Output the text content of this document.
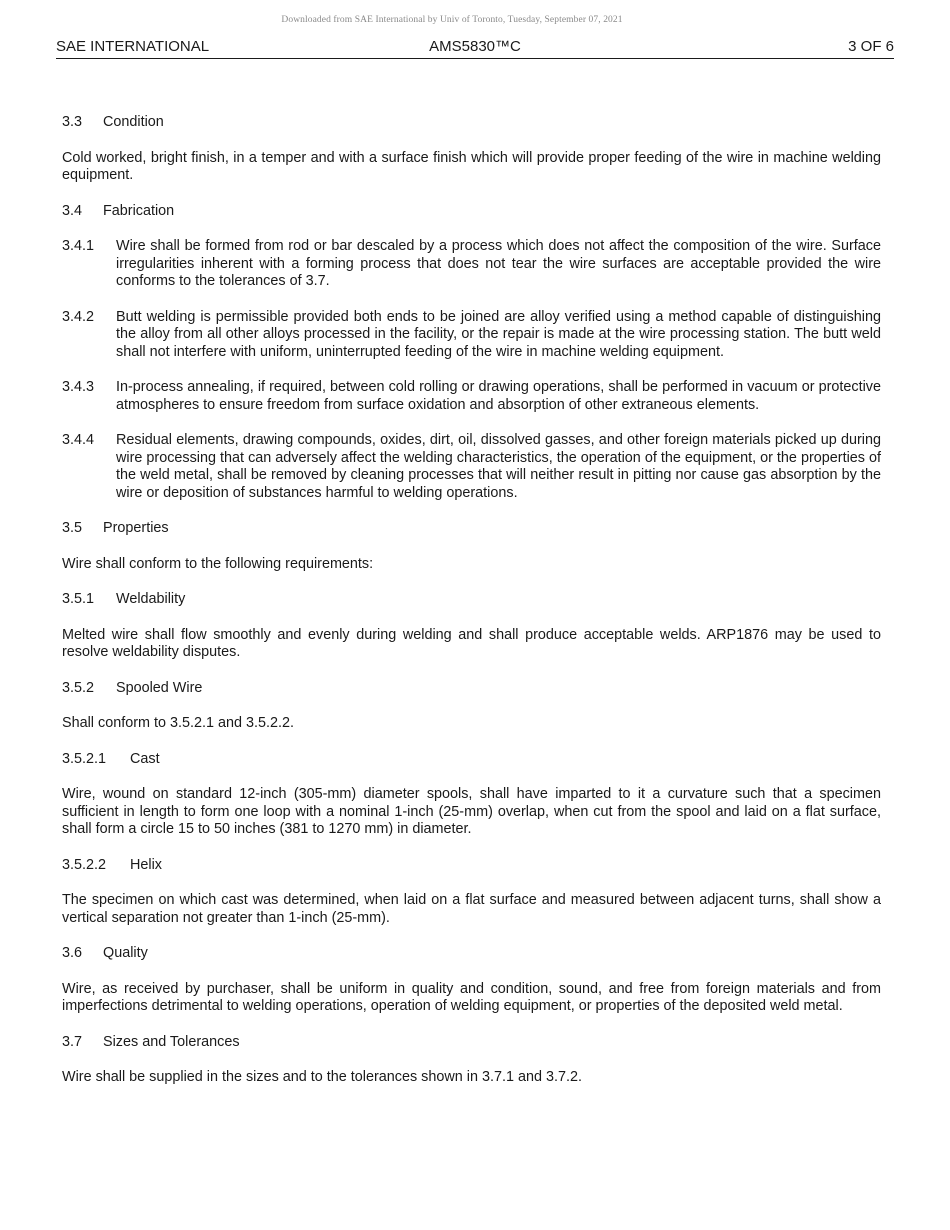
Downloaded from SAE International by Univ of Toronto, Tuesday, September 07, 2021
SAE INTERNATIONAL	AMS5830™C	3 OF 6
3.3	Condition

Cold worked, bright finish, in a temper and with a surface finish which will provide proper feeding of the wire in machine welding equipment.

3.4	Fabrication
3.4.1	Wire shall be formed from rod or bar descaled by a process which does not affect the composition of the wire. Surface irregularities inherent with a forming process that does not tear the wire surfaces are acceptable provided the wire conforms to the tolerances of 3.7.
3.4.2	Butt welding is permissible provided both ends to be joined are alloy verified using a method capable of distinguishing the alloy from all other alloys processed in the facility, or the repair is made at the wire processing station. The butt weld shall not interfere with uniform, uninterrupted feeding of the wire in machine welding equipment.
3.4.3	In-process annealing, if required, between cold rolling or drawing operations, shall be performed in vacuum or protective atmospheres to ensure freedom from surface oxidation and absorption of other extraneous elements.
3.4.4	Residual elements, drawing compounds, oxides, dirt, oil, dissolved gasses, and other foreign materials picked up during wire processing that can adversely affect the welding characteristics, the operation of the equipment, or the properties of the weld metal, shall be removed by cleaning processes that will neither result in pitting nor cause gas absorption by the wire or deposition of substances harmful to welding operations.
3.5	Properties

Wire shall conform to the following requirements:

3.5.1	Weldability

Melted wire shall flow smoothly and evenly during welding and shall produce acceptable welds. ARP1876 may be used to resolve weldability disputes.

3.5.2	Spooled Wire

Shall conform to 3.5.2.1 and 3.5.2.2.

3.5.2.1	Cast

Wire, wound on standard 12-inch (305-mm) diameter spools, shall have imparted to it a curvature such that a specimen sufficient in length to form one loop with a nominal 1-inch (25-mm) overlap, when cut from the spool and laid on a flat surface, shall form a circle 15 to 50 inches (381 to 1270 mm) in diameter.

3.5.2.2	Helix

The specimen on which cast was determined, when laid on a flat surface and measured between adjacent turns, shall show a vertical separation not greater than 1-inch (25-mm).

3.6	Quality

Wire, as received by purchaser, shall be uniform in quality and condition, sound, and free from foreign materials and from imperfections detrimental to welding operations, operation of welding equipment, or properties of the deposited weld metal.

3.7	Sizes and Tolerances

Wire shall be supplied in the sizes and to the tolerances shown in 3.7.1 and 3.7.2.
